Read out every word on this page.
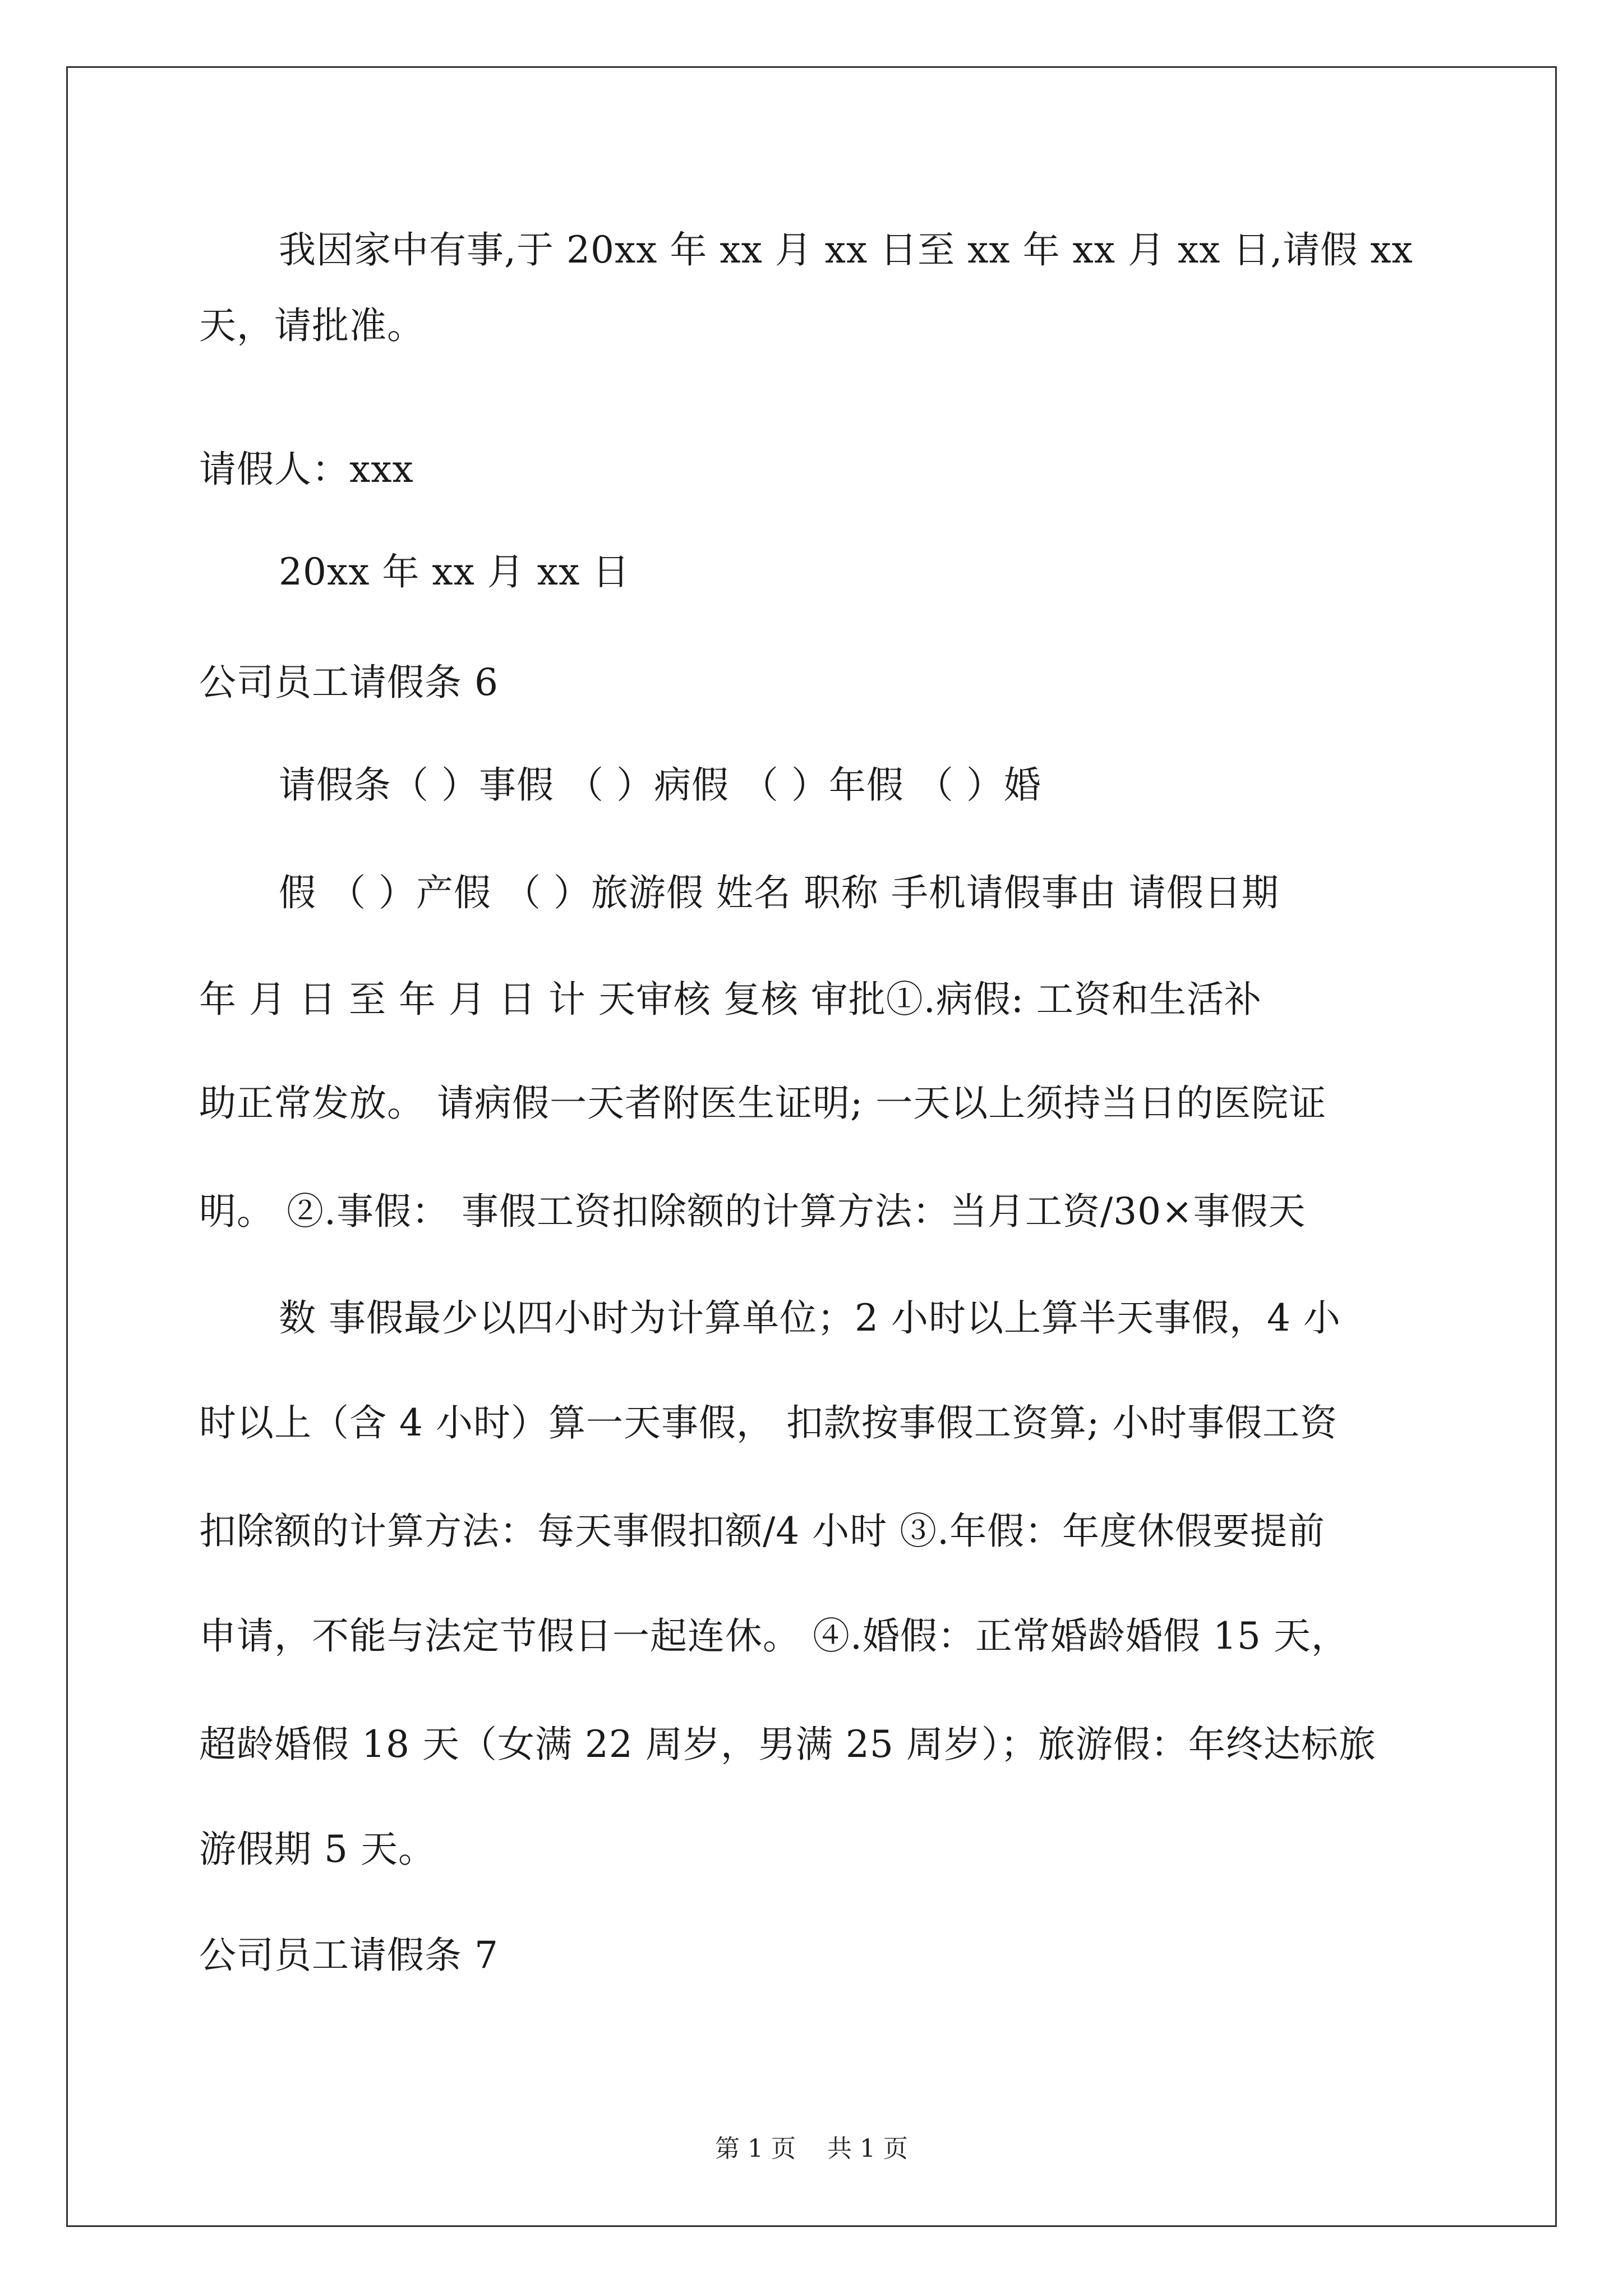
我因家中有事,于 20xx 年 xx 月 xx 日至 xx 年 xx 月 xx 日,请假 xx
天，请批准。
请假人：xxx
20xx 年 xx 月 xx 日
公司员工请假条 6
请假条（ ）事假 （ ）病假 （ ）年假 （ ）婚
假 （ ）产假 （ ）旅游假 姓名 职称 手机请假事由 请假日期
年 月 日 至 年 月 日 计 天审核 复核 审批①.病假: 工资和生活补
助正常发放。 请病假一天者附医生证明; 一天以上须持当日的医院证
明。 ②.事假： 事假工资扣除额的计算方法：当月工资/30×事假天
数 事假最少以四小时为计算单位；2 小时以上算半天事假，4 小
时以上（含 4 小时）算一天事假， 扣款按事假工资算; 小时事假工资
扣除额的计算方法：每天事假扣额/4 小时 ③.年假：年度休假要提前
申请，不能与法定节假日一起连休。 ④.婚假：正常婚龄婚假 15 天，
超龄婚假 18 天（女满 22 周岁，男满 25 周岁）；旅游假：年终达标旅
游假期 5 天。
公司员工请假条 7
第 1 页    共 1 页
